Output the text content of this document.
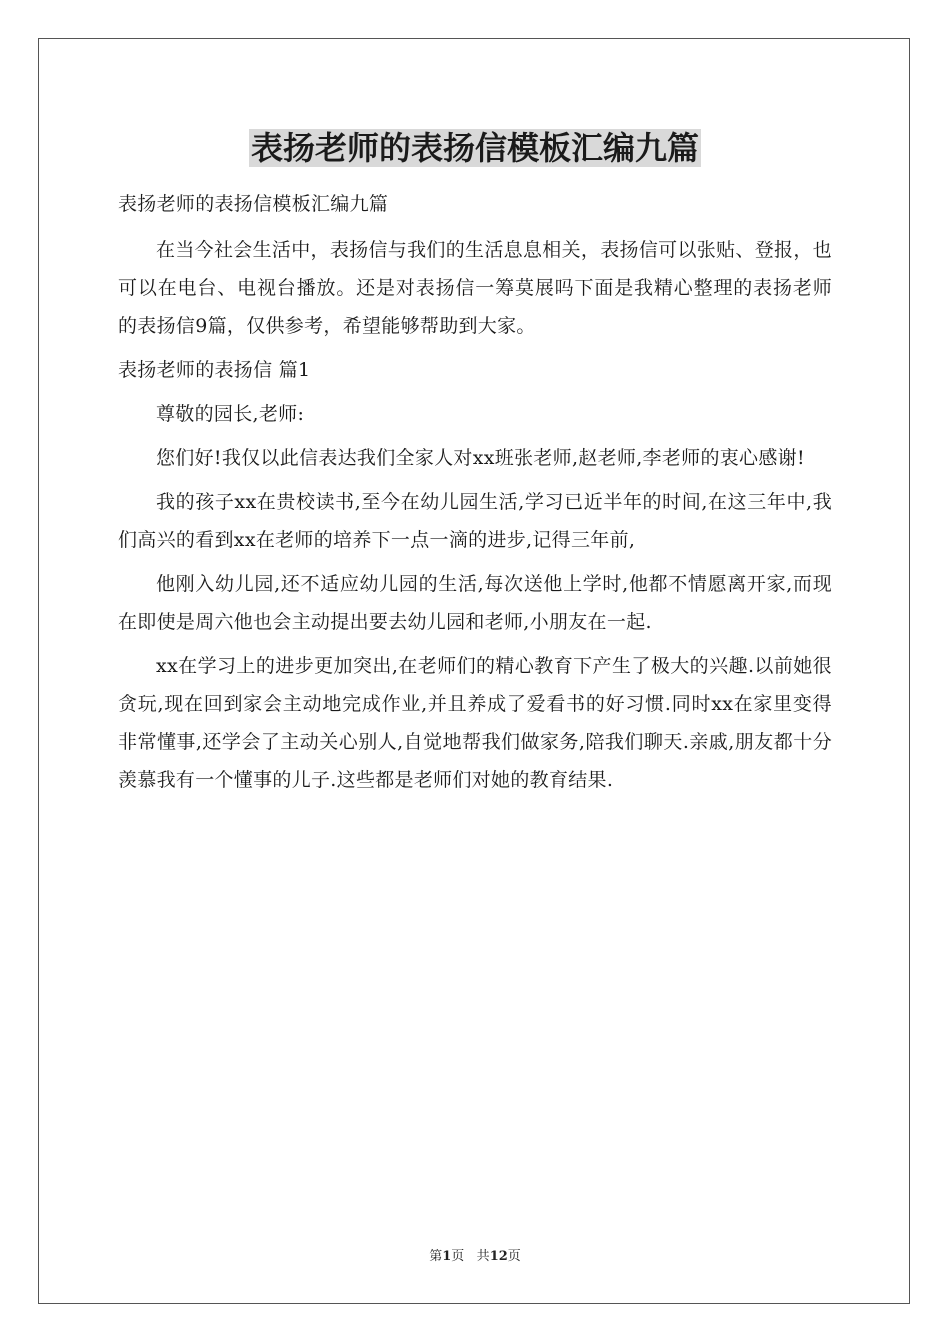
表扬老师的表扬信模板汇编九篇

表扬老师的表扬信模板汇编九篇

在当今社会生活中，表扬信与我们的生活息息相关，表扬信可以张贴、登报，也可以在电台、电视台播放。还是对表扬信一筹莫展吗下面是我精心整理的表扬老师的表扬信9篇，仅供参考，希望能够帮助到大家。

表扬老师的表扬信 篇1

尊敬的园长,老师:

您们好!我仅以此信表达我们全家人对xx班张老师,赵老师,李老师的衷心感谢!

我的孩子xx在贵校读书,至今在幼儿园生活,学习已近半年的时间,在这三年中,我们高兴的看到xx在老师的培养下一点一滴的进步,记得三年前,

他刚入幼儿园,还不适应幼儿园的生活,每次送他上学时,他都不情愿离开家,而现在即使是周六他也会主动提出要去幼儿园和老师,小朋友在一起.

xx在学习上的进步更加突出,在老师们的精心教育下产生了极大的兴趣.以前她很贪玩,现在回到家会主动地完成作业,并且养成了爱看书的好习惯.同时xx在家里变得非常懂事,还学会了主动关心别人,自觉地帮我们做家务,陪我们聊天.亲戚,朋友都十分羡慕我有一个懂事的儿子.这些都是老师们对她的教育结果.

第1页 共12页
